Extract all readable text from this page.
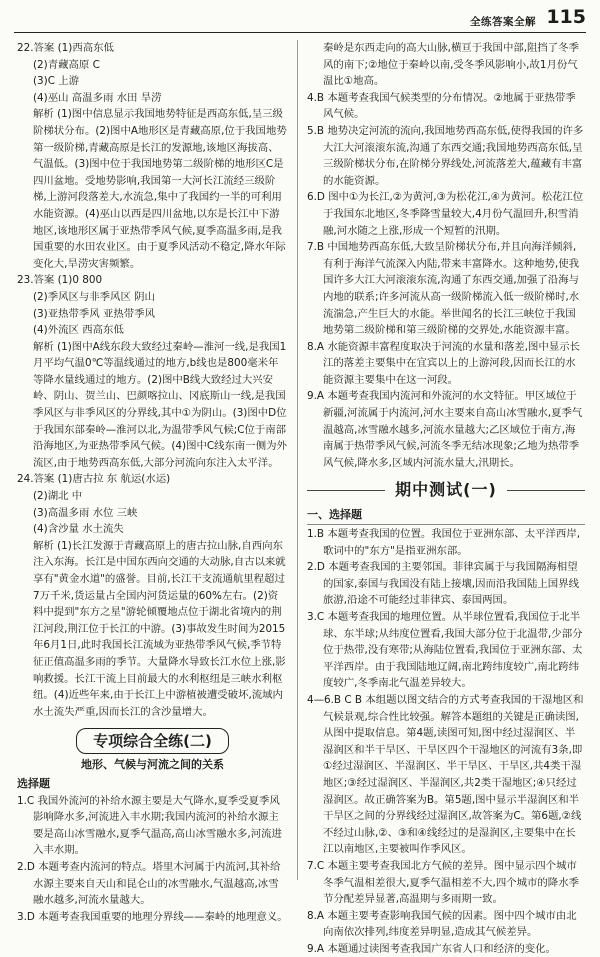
全练答案全解 115

22.答案 (1)西高东低

(2)青藏高原 C

(3)C 上游

(4)巫山 高温多雨 水田 旱涝

解析 (1)图中信息显示我国地势特征是西高东低,呈三级阶梯状分布。(2)图中A地形区是青藏高原,位于我国地势第一级阶梯,青藏高原是长江的发源地,该地区海拔高、气温低。(3)图中位于我国地势第二级阶梯的地形区C是四川盆地。受地势影响,我国第一大河长江流经三级阶梯,上游河段落差大,水流急,集中了我国约一半的可利用水能资源。(4)巫山以西是四川盆地,以东是长江中下游地区,该地形区属于亚热带季风气候,夏季高温多雨,是我国重要的水田农业区。由于夏季风活动不稳定,降水年际变化大,旱涝灾害频繁。

23.答案 (1)0 800

(2)季风区与非季风区 阴山

(3)亚热带季风 亚热带季风

(4)外流区 西高东低

解析 (1)图中A线东段大致经过秦岭—淮河一线,是我国1月平均气温0℃等温线通过的地方,b线也是800毫米年等降水量线通过的地方。(2)图中B线大致经过大兴安岭、阴山、贺兰山、巴颜喀拉山、冈底斯山一线,是我国季风区与非季风区的分界线,其中①为阴山。(3)图中D位于我国东部秦岭—淮河以北,为温带季风气候;C位于南部沿海地区,为亚热带季风气候。(4)图中C线东南一侧为外流区,由于地势西高东低,大部分河流向东注入太平洋。

24.答案 (1)唐古拉 东 航运(水运)

(2)湖北 中

(3)高温多雨 水位 三峡

(4)含沙量 水土流失

解析 (1)长江发源于青藏高原上的唐古拉山脉,自西向东注入东海。长江是中国东西向交通的大动脉,自古以来就享有"黄金水道"的盛誉。目前,长江干支流通航里程超过7万千米,货运量占全国内河货运量的60%左右。(2)资料中提到"东方之星"游轮倾覆地点位于湖北省境内的荆江河段,荆江位于长江的中游。(3)事故发生时间为2015年6月1日,此时我国长江流域为亚热带季风气候,季节特征正值高温多雨的季节。大量降水导致长江水位上涨,影响救援。长江干流上目前最大的水利枢纽是三峡水利枢纽。(4)近些年来,由于长江上中游植被遭受破坏,流域内水土流失严重,因而长江的含沙量增大。

专项综合全练(二)
地形、气候与河流之间的关系
选择题

1.C 我国外流河的补给水源主要是大气降水,夏季受夏季风影响降水多,河流进入丰水期;我国内流河的补给水源主要是高山冰雪融水,夏季气温高,高山冰雪融水多,河流进入丰水期。

2.D 本题考查内流河的特点。塔里木河属于内流河,其补给水源主要来自天山和昆仑山的冰雪融水,气温越高,冰雪融水越多,河流水量越大。

3.D 本题考查我国重要的地理分界线——秦岭的地理意义。

秦岭是东西走向的高大山脉,横亘于我国中部,阻挡了冬季风的南下;②地位于秦岭以南,受冬季风影响小,故1月份气温比①地高。

4.B 本题考查我国气候类型的分布情况。②地属于亚热带季风气候。

5.B 地势决定河流的流向,我国地势西高东低,使得我国的许多大江大河滚滚东流,沟通了东西交通;我国地势西高东低,呈三级阶梯状分布,在阶梯分界线处,河流落差大,蕴藏有丰富的水能资源。

6.D 图中①为长江,②为黄河,③为松花江,④为黄河。松花江位于我国东北地区,冬季降雪量较大,4月份气温回升,积雪消融,河水随之上涨,形成一个短暂的汛期。

7.B 中国地势西高东低,大致呈阶梯状分布,并且向海洋倾斜,有利于海洋气流深入内陆,带来丰富降水。这种地势,使我国许多大江大河滚滚东流,沟通了东西交通,加强了沿海与内地的联系;许多河流从高一级阶梯流入低一级阶梯时,水流湍急,产生巨大的水能。举世闻名的长江三峡位于我国地势第二级阶梯和第三级阶梯的交界处,水能资源丰富。

8.A 水能资源丰富程度取决于河流的水量和落差,图中显示长江的落差主要集中在宜宾以上的上游河段,因而长江的水能资源主要集中在这一河段。

9.A 本题考查我国内流河和外流河的水文特征。甲区域位于新疆,河流属于内流河,河水主要来自高山冰雪融水,夏季气温越高,冰雪融水越多,河流水量越大;乙区域位于南方,海南属于热带季风气候,河流冬季无结冰现象;乙地为热带季风气候,降水多,区域内河流水量大,汛期长。

期中测试(一)
一、选择题

1.B 本题考查我国的位置。我国位于亚洲东部、太平洋西岸,歌词中的"东方"是指亚洲东部。

2.D 本题考查我国的主要邻国。菲律宾属于与我国隔海相望的国家,泰国与我国没有陆上接壤,因而沿我国陆上国界线旅游,沿途不可能经过菲律宾、泰国两国。

3.C 本题考查我国的地理位置。从半球位置看,我国位于北半球、东半球;从纬度位置看,我国大部分位于北温带,少部分位于热带,没有寒带;从海陆位置看,我国位于亚洲东部、太平洋西岸。由于我国陆地辽阔,南北跨纬度较广,南北跨纬度较广,冬季南北气温差异较大。

4—6.B C B 本组题以图文结合的方式考查我国的干湿地区和气候景观,综合性比较强。解答本题组的关键是正确读图,从图中提取信息。第4题,读图可知,图中经过湿润区、半湿润区和半干旱区、干旱区四个干湿地区的河流有3条,即①经过湿润区、半湿润区、半干旱区、干旱区,共4类干湿地区;③经过湿润区、半湿润区,共2类干湿地区;④只经过湿润区。故正确答案为B。第5题,图中显示半湿润区和半干旱区之间的分界线经过湿润区,故答案为C。第6题,②线不经过山脉,②、③和④线经过的是湿润区,主要集中在长江以南地区,主要被叫作季风区。

7.C 本题主要考查我国北方气候的差异。图中显示四个城市冬季气温相差很大,夏季气温相差不大,四个城市的降水季节分配差异显著,高温期与多雨期一致。

8.A 本题主要考查影响我国气候的因素。图中四个城市由北向南依次排列,纬度差异明显,造成其气候差异。

9.A 本题通过读图考查我国广东省人口和经济的变化。
